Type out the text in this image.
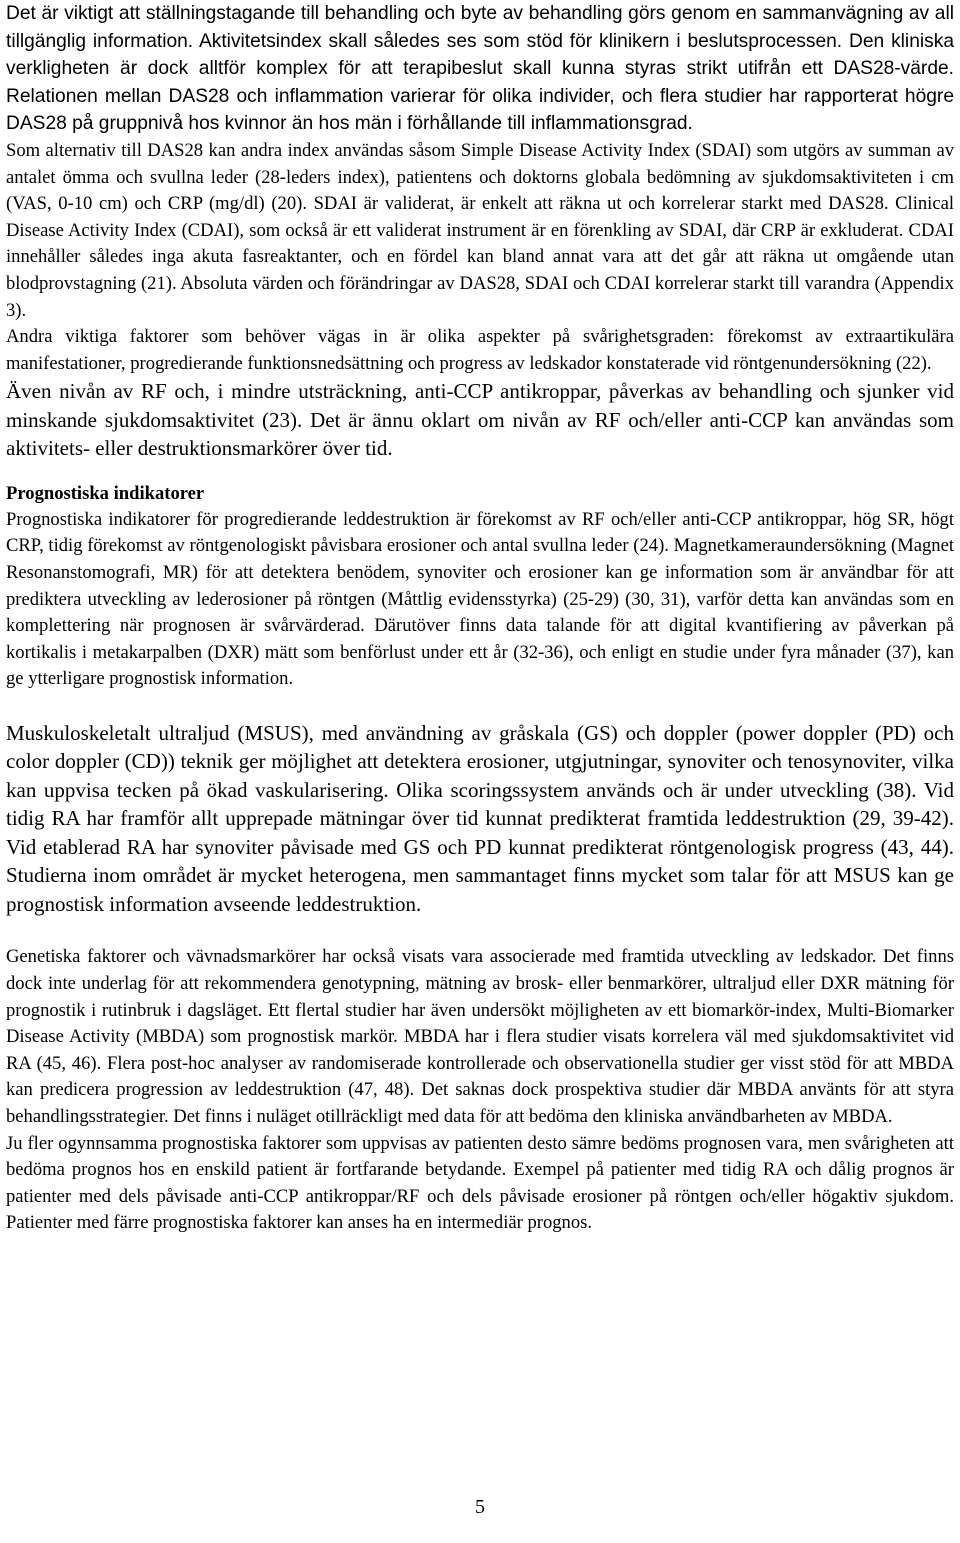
Det är viktigt att ställningstagande till behandling och byte av behandling görs genom en sammanvägning av all tillgänglig information. Aktivitetsindex skall således ses som stöd för klinikern i beslutsprocessen. Den kliniska verkligheten är dock alltför komplex för att terapibeslut skall kunna styras strikt utifrån ett DAS28-värde. Relationen mellan DAS28 och inflammation varierar för olika individer, och flera studier har rapporterat högre DAS28 på gruppnivå hos kvinnor än hos män i förhållande till inflammationsgrad.

Som alternativ till DAS28 kan andra index användas såsom Simple Disease Activity Index (SDAI) som utgörs av summan av antalet ömma och svullna leder (28-leders index), patientens och doktorns globala bedömning av sjukdomsaktiviteten i cm (VAS, 0-10 cm) och CRP (mg/dl) (20). SDAI är validerat, är enkelt att räkna ut och korrelerar starkt med DAS28. Clinical Disease Activity Index (CDAI), som också är ett validerat instrument är en förenkling av SDAI, där CRP är exkluderat. CDAI innehåller således inga akuta fasreaktanter, och en fördel kan bland annat vara att det går att räkna ut omgående utan blodprovstagning (21). Absoluta värden och förändringar av DAS28, SDAI och CDAI korrelerar starkt till varandra (Appendix 3).

Andra viktiga faktorer som behöver vägas in är olika aspekter på svårighetsgraden: förekomst av extraartikulära manifestationer, progredierande funktionsnedsättning och progress av ledskador konstaterade vid röntgenundersökning (22).

Även nivån av RF och, i mindre utsträckning, anti-CCP antikroppar, påverkas av behandling och sjunker vid minskande sjukdomsaktivitet (23). Det är ännu oklart om nivån av RF och/eller anti-CCP kan användas som aktivitets- eller destruktionsmarkörer över tid.

Prognostiska indikatorer

Prognostiska indikatorer för progredierande leddestruktion är förekomst av RF och/eller anti-CCP antikroppar, hög SR, högt CRP, tidig förekomst av röntgenologiskt påvisbara erosioner och antal svullna leder (24). Magnetkameraundersökning (Magnet Resonanstomografi, MR) för att detektera benödem, synoviter och erosioner kan ge information som är användbar för att prediktera utveckling av lederosioner på röntgen (Måttlig evidensstyrka) (25-29) (30, 31), varför detta kan användas som en komplettering när prognosen är svårvärderad. Därutöver finns data talande för att digital kvantifiering av påverkan på kortikalis i metakarpalben (DXR) mätt som benförlust under ett år (32-36), och enligt en studie under fyra månader (37), kan ge ytterligare prognostisk information.

Muskuloskeletalt ultraljud (MSUS), med användning av gråskala (GS) och doppler (power doppler (PD) och color doppler (CD)) teknik ger möjlighet att detektera erosioner, utgjutningar, synoviter och tenosynoviter, vilka kan uppvisa tecken på ökad vaskularisering. Olika scoringssystem används och är under utveckling (38). Vid tidig RA har framför allt upprepade mätningar över tid kunnat predikterat framtida leddestruktion (29, 39-42). Vid etablerad RA har synoviter påvisade med GS och PD kunnat predikterat röntgenologisk progress (43, 44). Studierna inom området är mycket heterogena, men sammantaget finns mycket som talar för att MSUS kan ge prognostisk information avseende leddestruktion.

Genetiska faktorer och vävnadsmarkörer har också visats vara associerade med framtida utveckling av ledskador. Det finns dock inte underlag för att rekommendera genotypning, mätning av brosk- eller benmarkörer, ultraljud eller DXR mätning för prognostik i rutinbruk i dagsläget. Ett flertal studier har även undersökt möjligheten av ett biomarkör-index, Multi-Biomarker Disease Activity (MBDA) som prognostisk markör. MBDA har i flera studier visats korrelera väl med sjukdomsaktivitet vid RA (45, 46). Flera post-hoc analyser av randomiserade kontrollerade och observationella studier ger visst stöd för att MBDA kan predicera progression av leddestruktion (47, 48). Det saknas dock prospektiva studier där MBDA använts för att styra behandlingsstrategier. Det finns i nuläget otillräckligt med data för att bedöma den kliniska användbarheten av MBDA.

Ju fler ogynnsamma prognostiska faktorer som uppvisas av patienten desto sämre bedöms prognosen vara, men svårigheten att bedöma prognos hos en enskild patient är fortfarande betydande. Exempel på patienter med tidig RA och dålig prognos är patienter med dels påvisade anti-CCP antikroppar/RF och dels påvisade erosioner på röntgen och/eller högaktiv sjukdom. Patienter med färre prognostiska faktorer kan anses ha en intermediär prognos.

5
